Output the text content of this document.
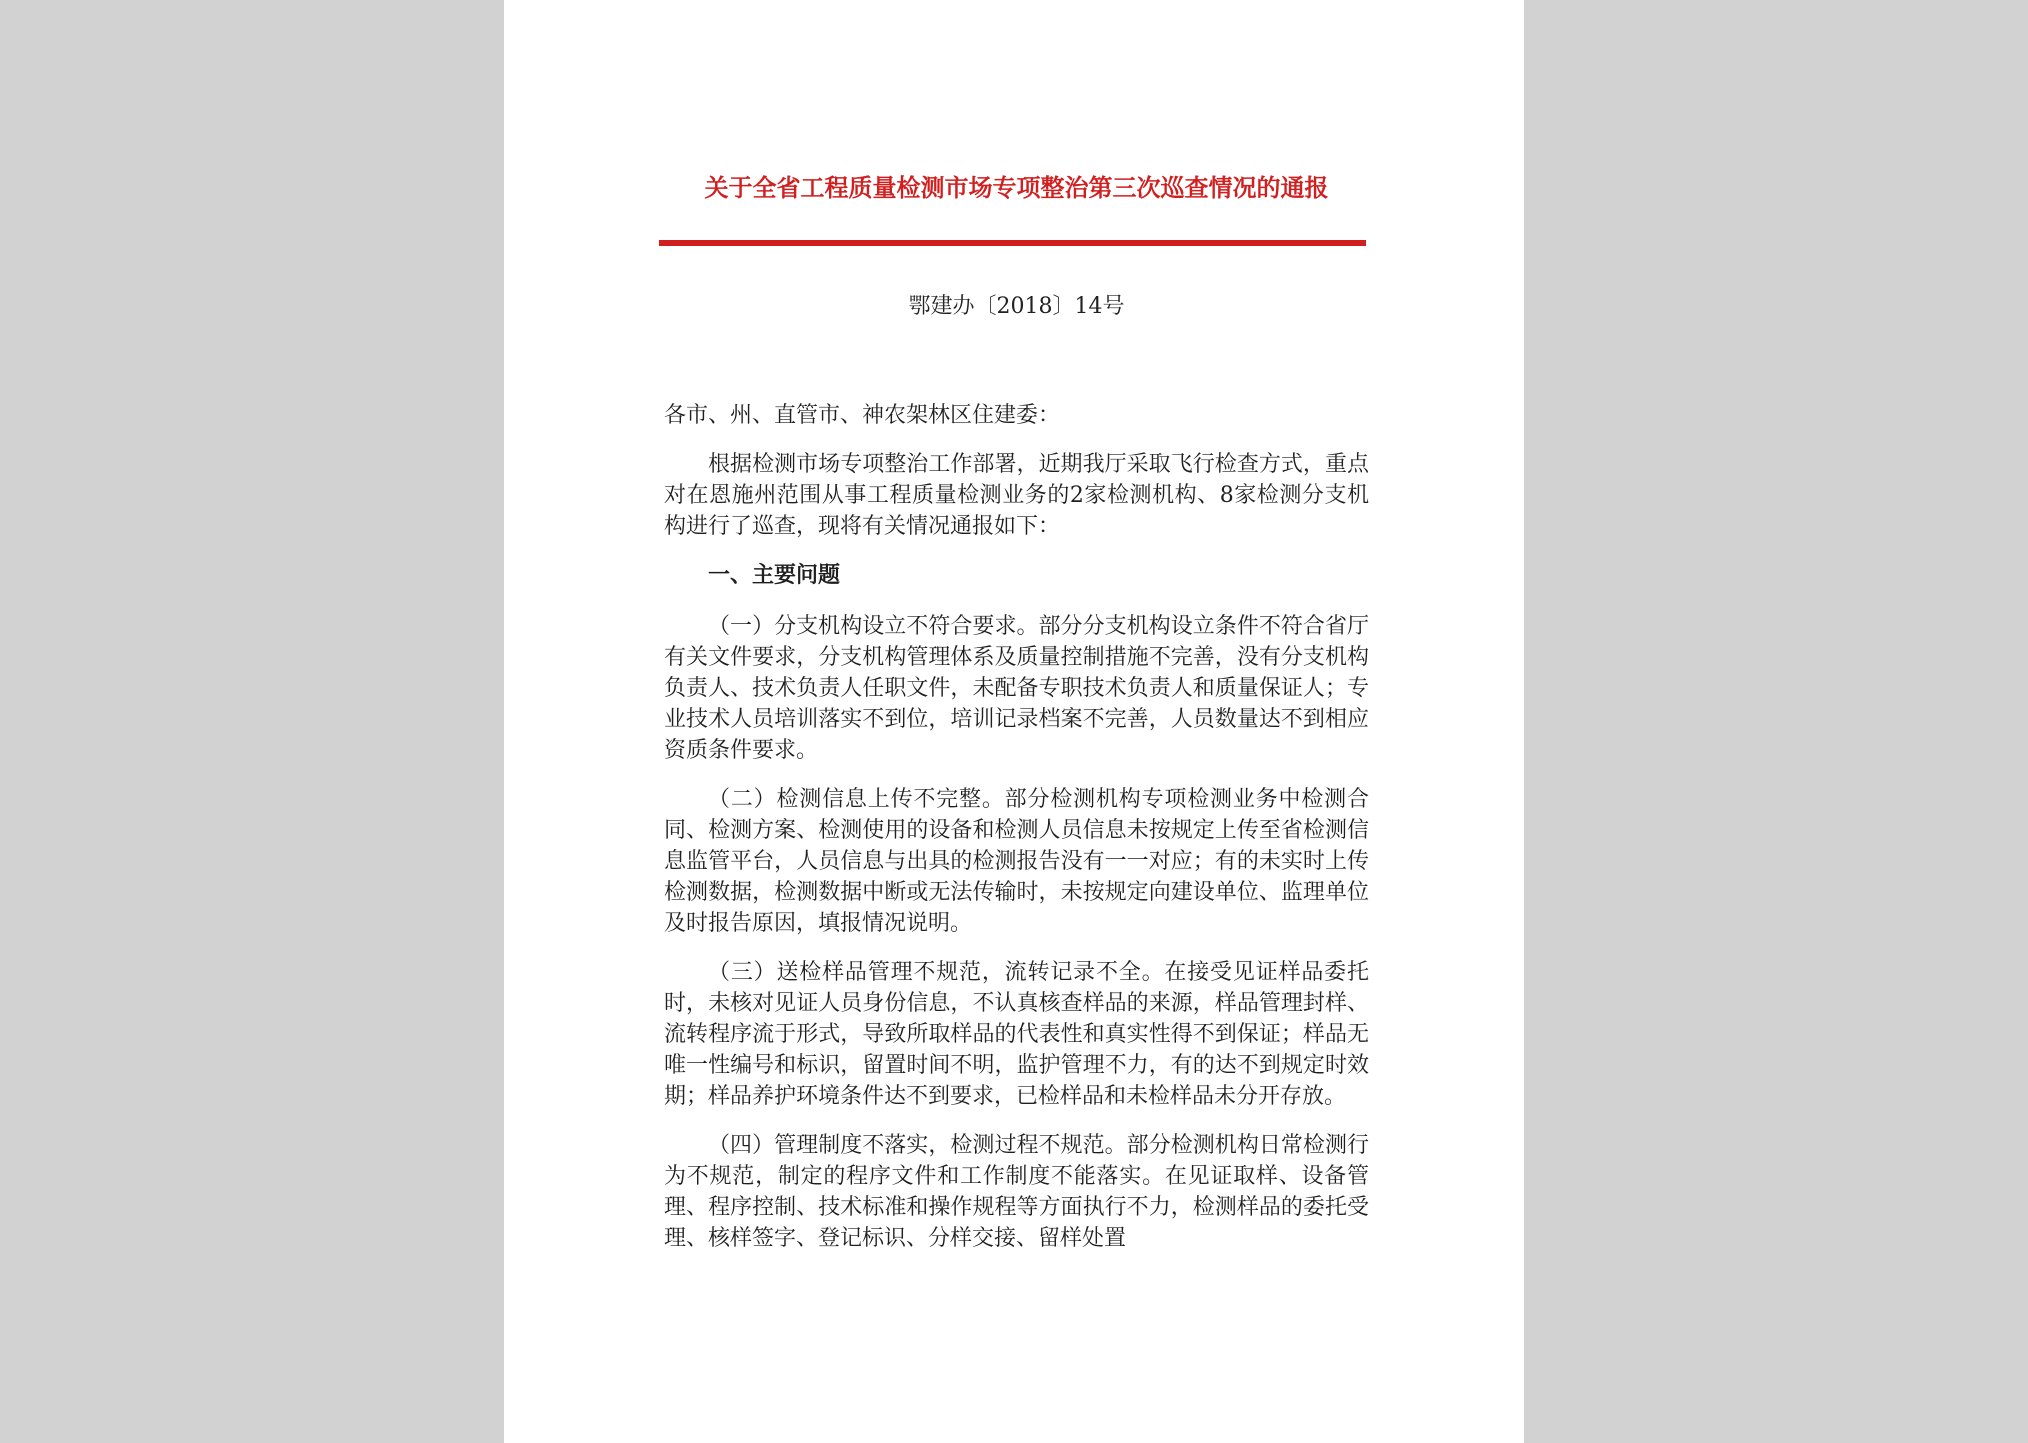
关于全省工程质量检测市场专项整治第三次巡查情况的通报
鄂建办〔2018〕14号

各市、州、直管市、神农架林区住建委：

根据检测市场专项整治工作部署，近期我厅采取飞行检查方式，重点对在恩施州范围从事工程质量检测业务的2家检测机构、8家检测分支机构进行了巡查，现将有关情况通报如下：

一、主要问题

（一）分支机构设立不符合要求。部分分支机构设立条件不符合省厅有关文件要求，分支机构管理体系及质量控制措施不完善，没有分支机构负责人、技术负责人任职文件，未配备专职技术负责人和质量保证人；专业技术人员培训落实不到位，培训记录档案不完善，人员数量达不到相应资质条件要求。

（二）检测信息上传不完整。部分检测机构专项检测业务中检测合同、检测方案、检测使用的设备和检测人员信息未按规定上传至省检测信息监管平台，人员信息与出具的检测报告没有一一对应；有的未实时上传检测数据，检测数据中断或无法传输时，未按规定向建设单位、监理单位及时报告原因，填报情况说明。

（三）送检样品管理不规范，流转记录不全。在接受见证样品委托时，未核对见证人员身份信息，不认真核查样品的来源，样品管理封样、流转程序流于形式，导致所取样品的代表性和真实性得不到保证；样品无唯一性编号和标识，留置时间不明，监护管理不力，有的达不到规定时效期；样品养护环境条件达不到要求，已检样品和未检样品未分开存放。

（四）管理制度不落实，检测过程不规范。部分检测机构日常检测行为不规范，制定的程序文件和工作制度不能落实。在见证取样、设备管理、程序控制、技术标准和操作规程等方面执行不力，检测样品的委托受理、核样签字、登记标识、分样交接、留样处置
